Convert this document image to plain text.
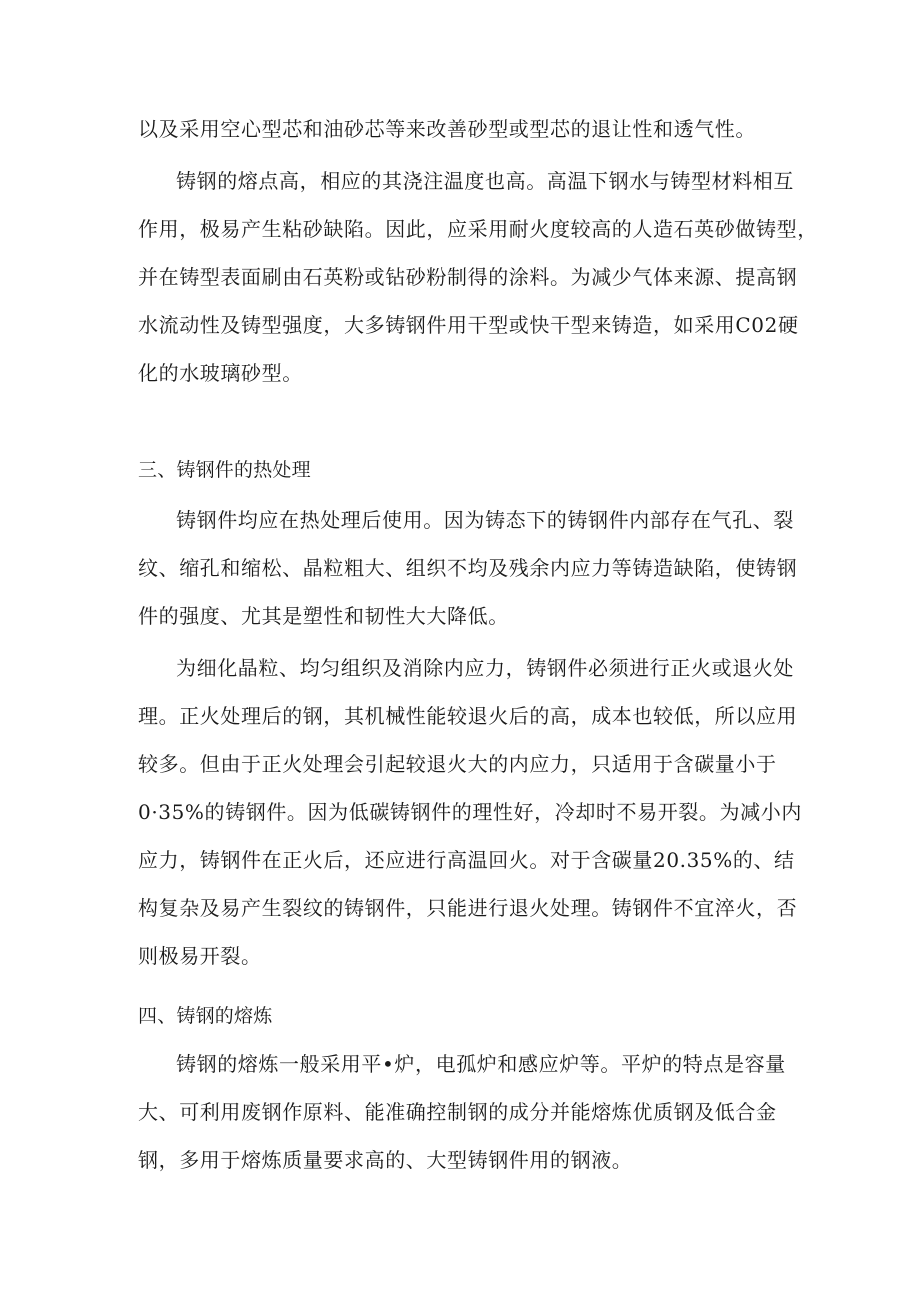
以及采用空心型芯和油砂芯等来改善砂型或型芯的退让性和透气性。
铸钢的熔点高，相应的其浇注温度也高。高温下钢水与铸型材料相互
作用，极易产生粘砂缺陷。因此，应采用耐火度较高的人造石英砂做铸型，
并在铸型表面刷由石英粉或钻砂粉制得的涂料。为减少气体来源、提高钢
水流动性及铸型强度，大多铸钢件用干型或快干型来铸造，如采用C02硬
化的水玻璃砂型。
三、铸钢件的热处理
铸钢件均应在热处理后使用。因为铸态下的铸钢件内部存在气孔、裂
纹、缩孔和缩松、晶粒粗大、组织不均及残余内应力等铸造缺陷，使铸钢
件的强度、尤其是塑性和韧性大大降低。
为细化晶粒、均匀组织及消除内应力，铸钢件必须进行正火或退火处
理。正火处理后的钢，其机械性能较退火后的高，成本也较低，所以应用
较多。但由于正火处理会引起较退火大的内应力，只适用于含碳量小于
0·35%的铸钢件。因为低碳铸钢件的理性好，冷却时不易开裂。为减小内
应力，铸钢件在正火后，还应进行高温回火。对于含碳量20.35%的、结
构复杂及易产生裂纹的铸钢件，只能进行退火处理。铸钢件不宜淬火，否
则极易开裂。
四、铸钢的熔炼
铸钢的熔炼一般采用平•炉，电孤炉和感应炉等。平炉的特点是容量
大、可利用废钢作原料、能准确控制钢的成分并能熔炼优质钢及低合金
钢，多用于熔炼质量要求高的、大型铸钢件用的钢液。
